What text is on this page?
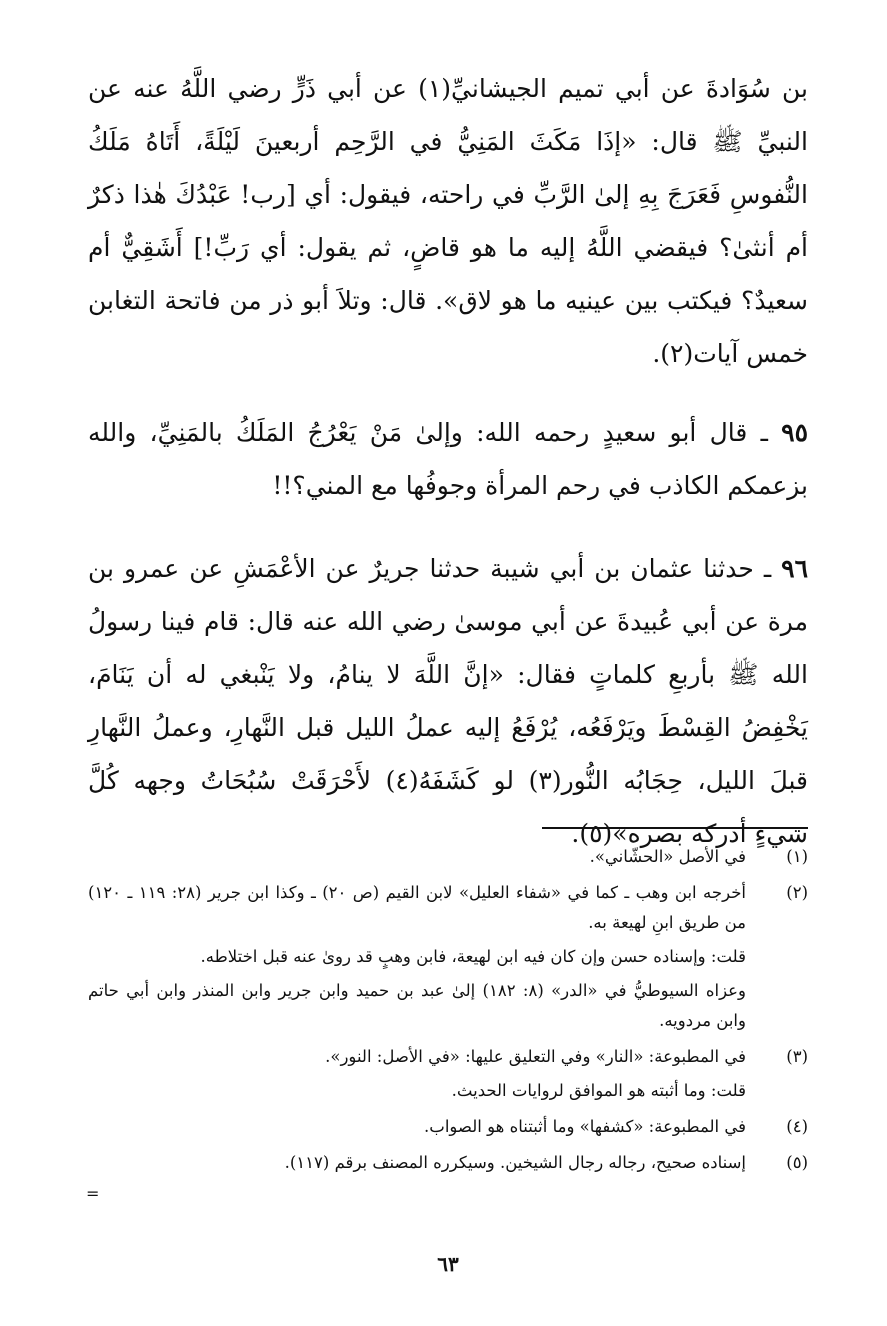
بن سُوَادةَ عن أبي تميم الجيشانيِّ(١) عن أبي ذَرٍّ رضي اللَّهُ عنه عن النبيِّ ﷺ قال: «إذَا مَكَثَ المَنِيُّ في الرَّحِم أربعينَ لَيْلَةً، أَتَاهُ مَلَكُ النُّفوسِ فَعَرَجَ بِهِ إلىٰ الرَّبِّ في راحته، فيقول: أي [رب! عَبْدُكَ هٰذا ذكرٌ أم أنثىٰ؟ فيقضي اللَّهُ إليه ما هو قاضٍ، ثم يقول: أي رَبِّ!] أَشَقِيٌّ أم سعيدٌ؟ فيكتب بين عينيه ما هو لاق». قال: وتلاَ أبو ذر من فاتحة التغابن خمس آيات(٢).

٩٥ ـ قال أبو سعيدٍ رحمه الله: وإلىٰ مَنْ يَعْرُجُ المَلَكُ بالمَنِيِّ، والله بزعمكم الكاذب في رحم المرأة وجوفُها مع المني؟!!

٩٦ ـ حدثنا عثمان بن أبي شيبة حدثنا جريرٌ عن الأعْمَشِ عن عمرو بن مرة عن أبي عُبيدةَ عن أبي موسىٰ رضي الله عنه قال: قام فينا رسولُ الله ﷺ بأربعِ كلماتٍ فقال: «إنَّ اللَّهَ لا ينامُ، ولا يَنْبغي له أن يَنَامَ، يَخْفِضُ القِسْطَ ويَرْفَعُه، يُرْفَعُ إليه عملُ الليل قبل النَّهارِ، وعملُ النَّهارِ قبلَ الليل، حِجَابُه النُّور(٣) لو كَشَفَهُ(٤) لأَحْرَقَتْ سُبُحَاتُ وجهه كُلَّ شيءٍ أدركه بصره»(٥).

(١)

في الأصل «الحشّاني».

(٢)

أخرجه ابن وهب ـ كما في «شفاء العليل» لابن القيم (ص ٢٠) ـ وكذا ابن جرير (٢٨: ١١٩ ـ ١٢٠) من طريق ابنِ لهيعة به.

قلت: وإسناده حسن وإن كان فيه ابن لهيعة، فابن وهبٍ قد روىٰ عنه قبل اختلاطه.

وعزاه السيوطيُّ في «الدر» (٨: ١٨٢) إلىٰ عبد بن حميد وابن جرير وابن المنذر وابن أبي حاتم وابن مردويه.

(٣)

في المطبوعة: «النار» وفي التعليق عليها: «في الأصل: النور».

قلت: وما أثبته هو الموافق لروايات الحديث.

(٤)

في المطبوعة: «كشفها» وما أثبتناه هو الصواب.

(٥)

إسناده صحيح، رجاله رجال الشيخين. وسيكرره المصنف برقم (١١٧).

=
٦٣
